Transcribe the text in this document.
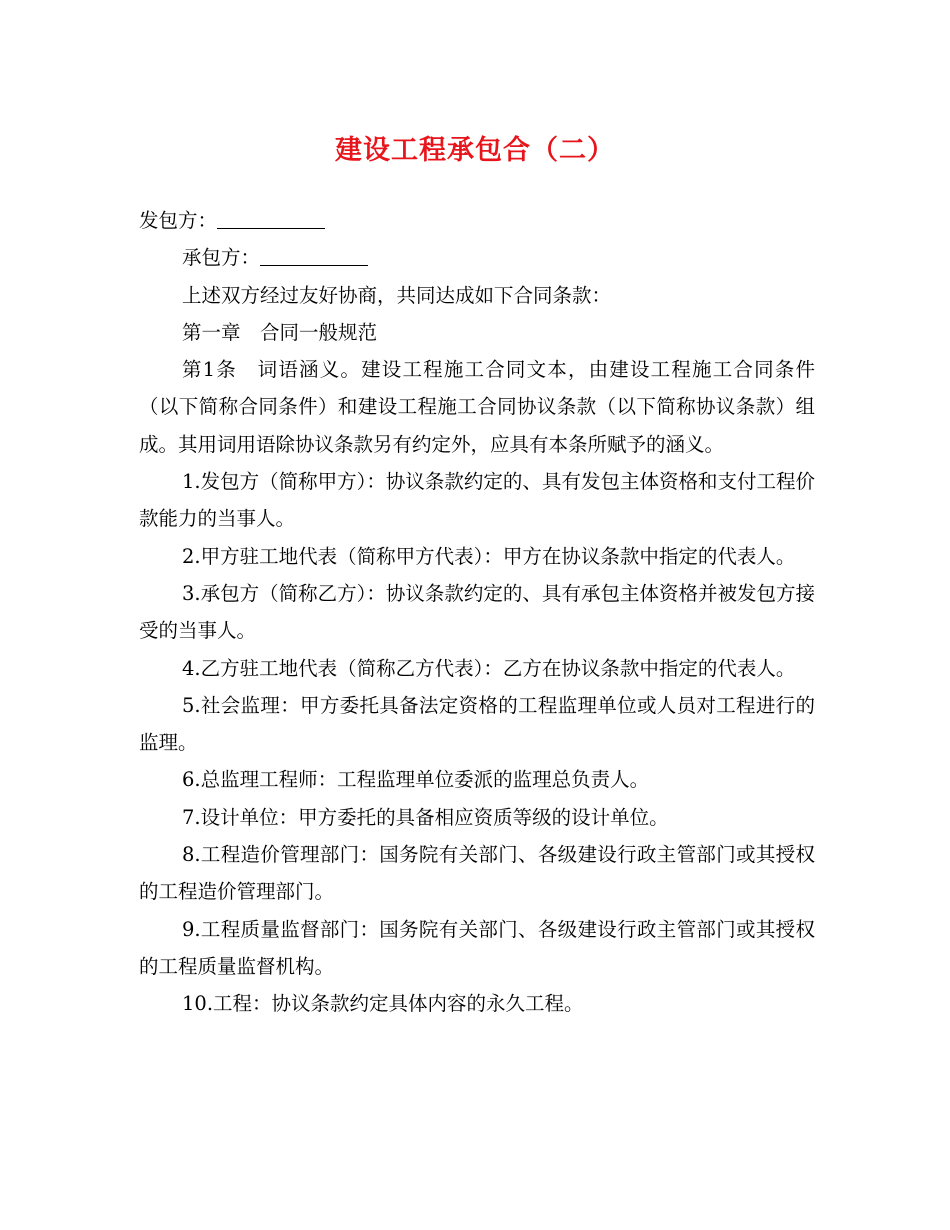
建设工程承包合（二）

发包方：

承包方：

上述双方经过友好协商，共同达成如下合同条款：

第一章　合同一般规范

第1条　词语涵义。建设工程施工合同文本，由建设工程施工合同条件（以下简称合同条件）和建设工程施工合同协议条款（以下简称协议条款）组成。其用词用语除协议条款另有约定外，应具有本条所赋予的涵义。

1.发包方（简称甲方）：协议条款约定的、具有发包主体资格和支付工程价款能力的当事人。

2.甲方驻工地代表（简称甲方代表）：甲方在协议条款中指定的代表人。

3.承包方（简称乙方）：协议条款约定的、具有承包主体资格并被发包方接受的当事人。

4.乙方驻工地代表（简称乙方代表）：乙方在协议条款中指定的代表人。

5.社会监理：甲方委托具备法定资格的工程监理单位或人员对工程进行的监理。

6.总监理工程师：工程监理单位委派的监理总负责人。

7.设计单位：甲方委托的具备相应资质等级的设计单位。

8.工程造价管理部门：国务院有关部门、各级建设行政主管部门或其授权的工程造价管理部门。

9.工程质量监督部门：国务院有关部门、各级建设行政主管部门或其授权的工程质量监督机构。

10.工程：协议条款约定具体内容的永久工程。
